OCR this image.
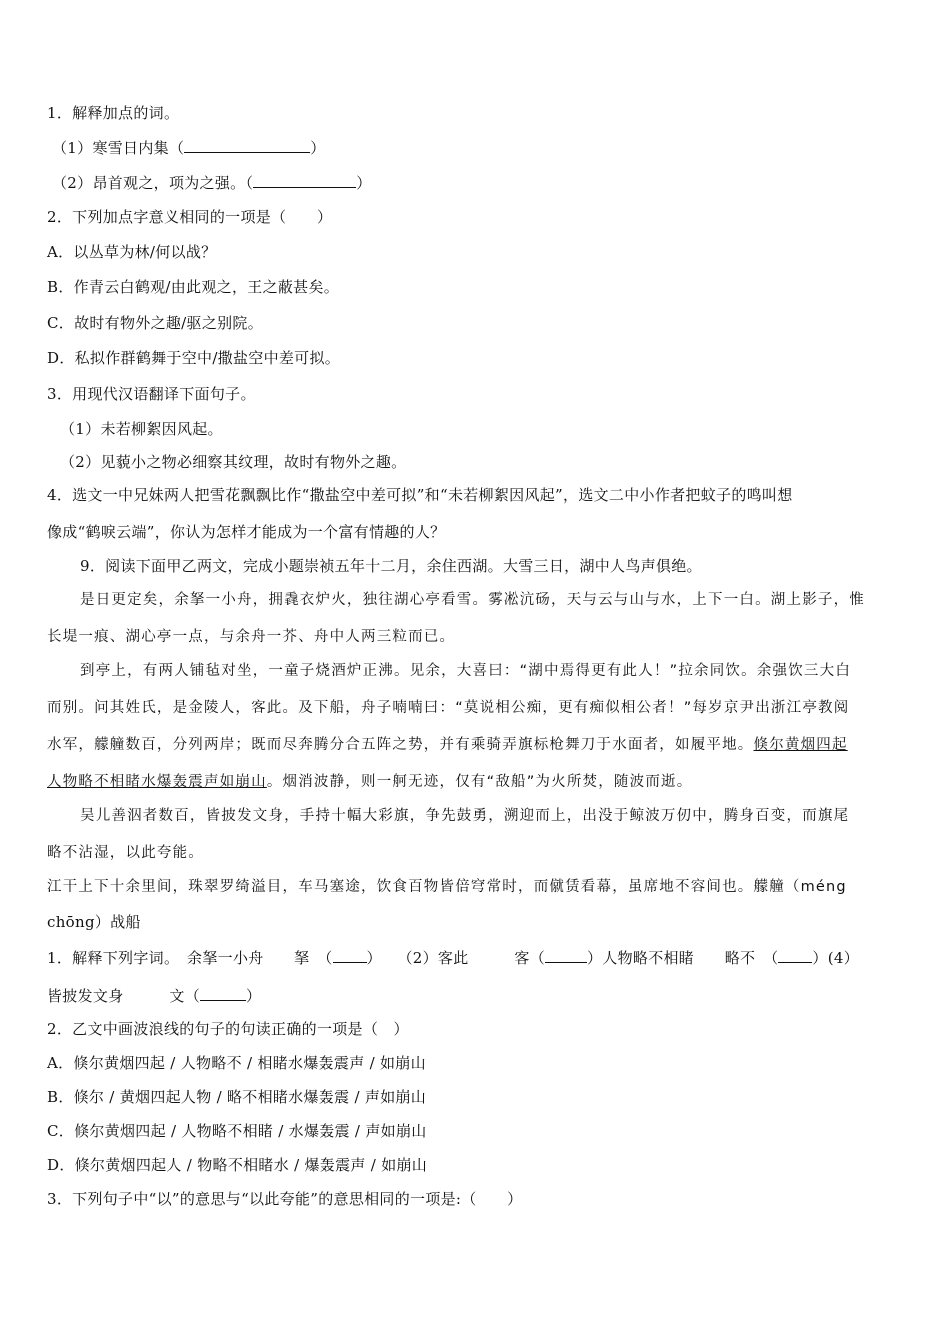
1．解释加点的词。
（1）寒雪日内集（	）
（2）昂首观之，项为之强。（	）
2．下列加点字意义相同的一项是（　　）
A．以丛草为林/何以战？
B．作青云白鹤观/由此观之，王之蔽甚矣。
C．故时有物外之趣/驱之别院。
D．私拟作群鹤舞于空中/撒盐空中差可拟。
3．用现代汉语翻译下面句子。
（1）未若柳絮因风起。
（2）见藐小之物必细察其纹理，故时有物外之趣。
4．选文一中兄妹两人把雪花飘飘比作“撒盐空中差可拟”和“未若柳絮因风起”，选文二中小作者把蚊子的鸣叫想
像成“鹤唳云端”，你认为怎样才能成为一个富有情趣的人？
9．阅读下面甲乙两文，完成小题崇祯五年十二月，余住西湖。大雪三日，湖中人鸟声俱绝。
是日更定矣，余拏一小舟，拥毳衣炉火，独往湖心亭看雪。雾凇沆砀，天与云与山与水，上下一白。湖上影子，惟
长堤一痕、湖心亭一点，与余舟一芥、舟中人两三粒而已。
到亭上，有两人铺毡对坐，一童子烧酒炉正沸。见余，大喜曰：“湖中焉得更有此人！”拉余同饮。余强饮三大白
而别。问其姓氏，是金陵人，客此。及下船，舟子喃喃曰：“莫说相公痴，更有痴似相公者！”每岁京尹出浙江亭教阅
水军，艨艟数百，分列两岸；既而尽奔腾分合五阵之势，并有乘骑弄旗标枪舞刀于水面者，如履平地。倏尔黄烟四起
人物略不相睹水爆轰震声如崩山。烟消波静，则一舸无迹，仅有“敌船”为火所焚，随波而逝。
吴儿善泅者数百，皆披发文身，手持十幅大彩旗，争先鼓勇，溯迎而上，出没于鲸波万仞中，腾身百变，而旗尾
略不沾湿，以此夸能。
江干上下十余里间，珠翠罗绮溢目，车马塞途，饮食百物皆倍穹常时，而僦赁看幕，虽席地不容间也。艨艟（méng
chōng）战船
1．解释下列字词。　余拏一小舟　　拏　（ ）　　（2）客此　　　客（	）人物略不相睹　　略不　（ ）(4）
皆披发文身　　　文（	）
2．乙文中画波浪线的句子的句读正确的一项是（　）
A．倏尔黄烟四起 / 人物略不 / 相睹水爆轰震声 / 如崩山
B．倏尔 / 黄烟四起人物 / 略不相睹水爆轰震 / 声如崩山
C．倏尔黄烟四起 / 人物略不相睹 / 水爆轰震 / 声如崩山
D．倏尔黄烟四起人 / 物略不相睹水 / 爆轰震声 / 如崩山
3．下列句子中“以”的意思与“以此夸能”的意思相同的一项是:（　　）
